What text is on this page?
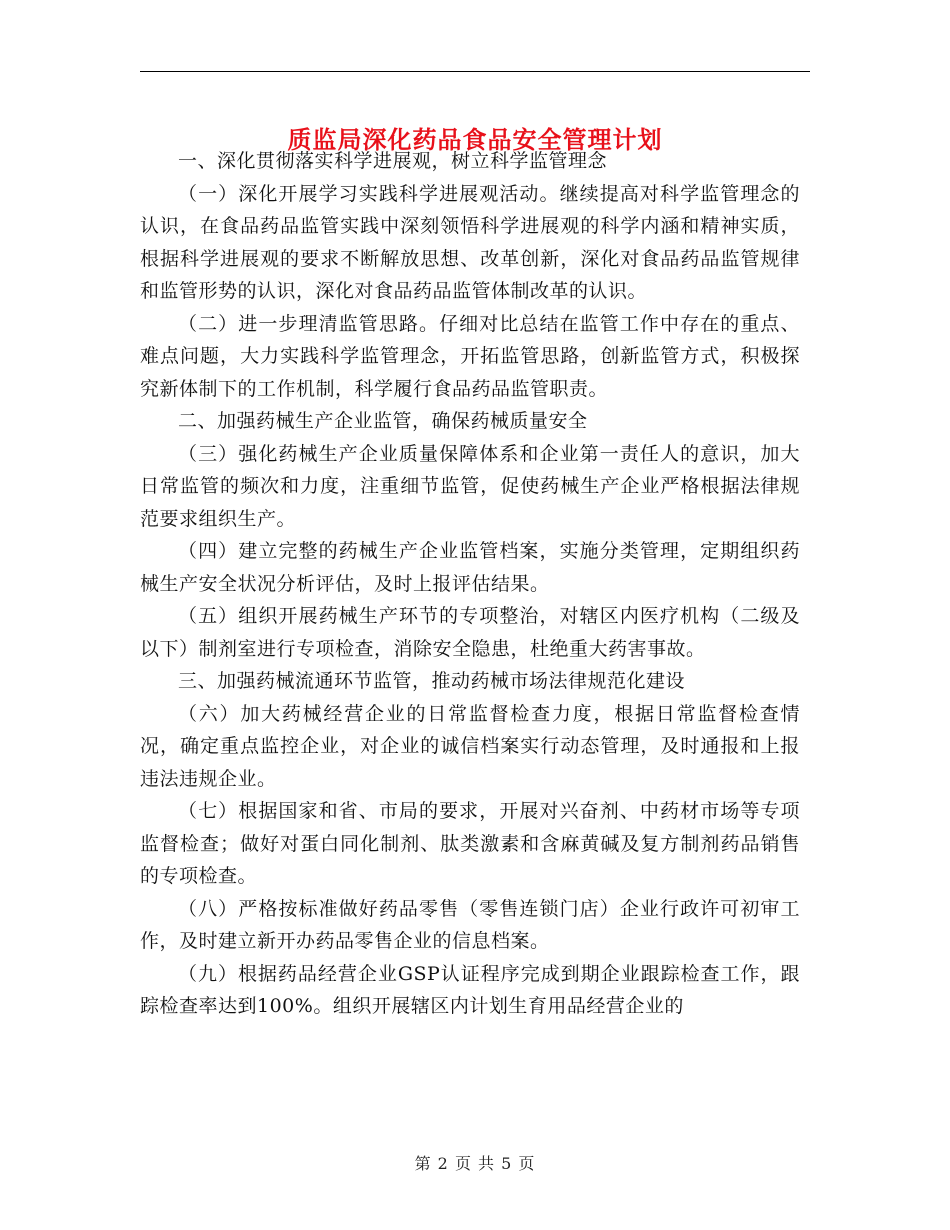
质监局深化药品食品安全管理计划

一、深化贯彻落实科学进展观，树立科学监管理念

（一）深化开展学习实践科学进展观活动。继续提高对科学监管理念的认识，在食品药品监管实践中深刻领悟科学进展观的科学内涵和精神实质，根据科学进展观的要求不断解放思想、改革创新，深化对食品药品监管规律和监管形势的认识，深化对食品药品监管体制改革的认识。

（二）进一步理清监管思路。仔细对比总结在监管工作中存在的重点、难点问题，大力实践科学监管理念，开拓监管思路，创新监管方式，积极探究新体制下的工作机制，科学履行食品药品监管职责。

二、加强药械生产企业监管，确保药械质量安全

（三）强化药械生产企业质量保障体系和企业第一责任人的意识，加大日常监管的频次和力度，注重细节监管，促使药械生产企业严格根据法律规范要求组织生产。

（四）建立完整的药械生产企业监管档案，实施分类管理，定期组织药械生产安全状况分析评估，及时上报评估结果。

（五）组织开展药械生产环节的专项整治，对辖区内医疗机构（二级及以下）制剂室进行专项检查，消除安全隐患，杜绝重大药害事故。

三、加强药械流通环节监管，推动药械市场法律规范化建设

（六）加大药械经营企业的日常监督检查力度，根据日常监督检查情况，确定重点监控企业，对企业的诚信档案实行动态管理，及时通报和上报违法违规企业。

（七）根据国家和省、市局的要求，开展对兴奋剂、中药材市场等专项监督检查；做好对蛋白同化制剂、肽类激素和含麻黄碱及复方制剂药品销售的专项检查。

（八）严格按标准做好药品零售（零售连锁门店）企业行政许可初审工作，及时建立新开办药品零售企业的信息档案。

（九）根据药品经营企业GSP认证程序完成到期企业跟踪检查工作，跟踪检查率达到100%。组织开展辖区内计划生育用品经营企业的

第 2 页 共 5 页
